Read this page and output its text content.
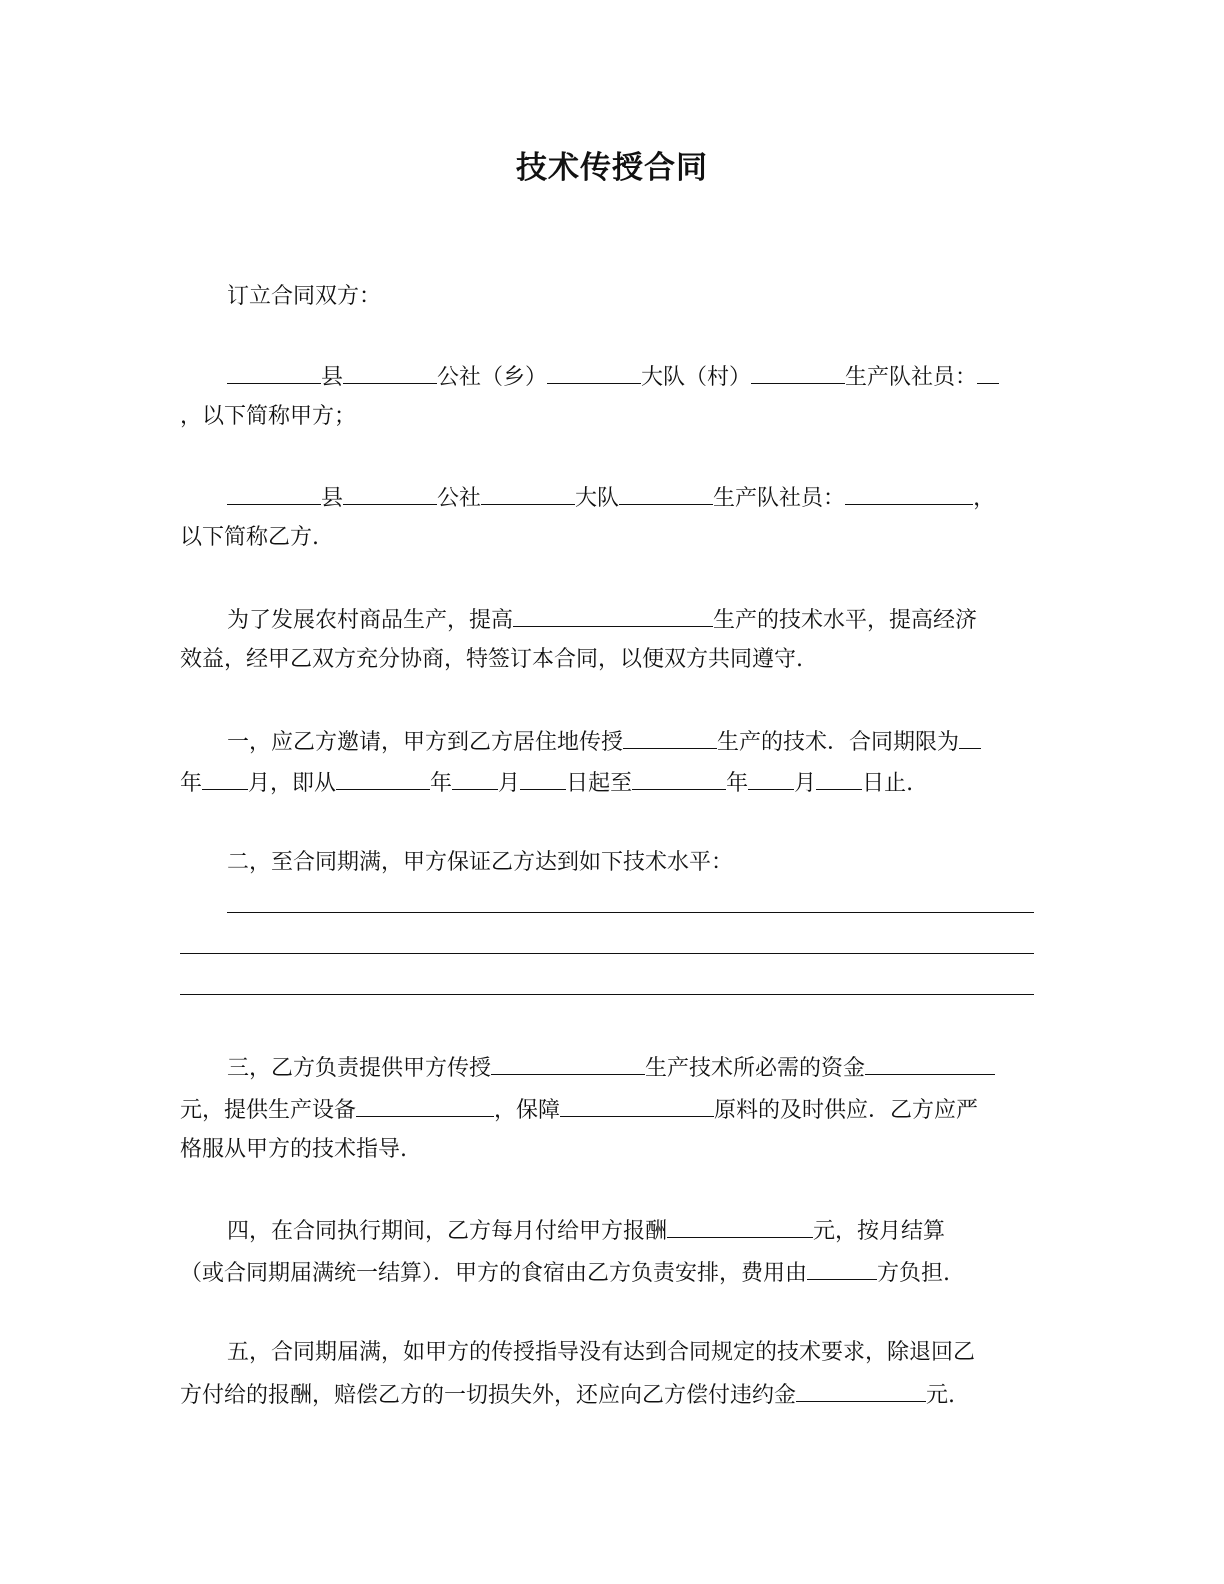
技术传授合同
订立合同双方：
县	公社（乡）	大队（村）	生产队社员：
，以下简称甲方；
县	公社	大队	生产队社员：	，
以下简称乙方.
为了发展农村商品生产，提高	生产的技术水平，提高经济
效益，经甲乙双方充分协商，特签订本合同，以便双方共同遵守.
一，应乙方邀请，甲方到乙方居住地传授	生产的技术．合同期限为
年 月，即从	年 月 日起至	年 月 日止.
二，至合同期满，甲方保证乙方达到如下技术水平：
三，乙方负责提供甲方传授	生产技术所必需的资金
元，提供生产设备	，保障	原料的及时供应．乙方应严
格服从甲方的技术指导.
四，在合同执行期间，乙方每月付给甲方报酬	元，按月结算
（或合同期届满统一结算）．甲方的食宿由乙方负责安排，费用由	方负担.
五，合同期届满，如甲方的传授指导没有达到合同规定的技术要求，除退回乙
方付给的报酬，赔偿乙方的一切损失外，还应向乙方偿付违约金	元.
